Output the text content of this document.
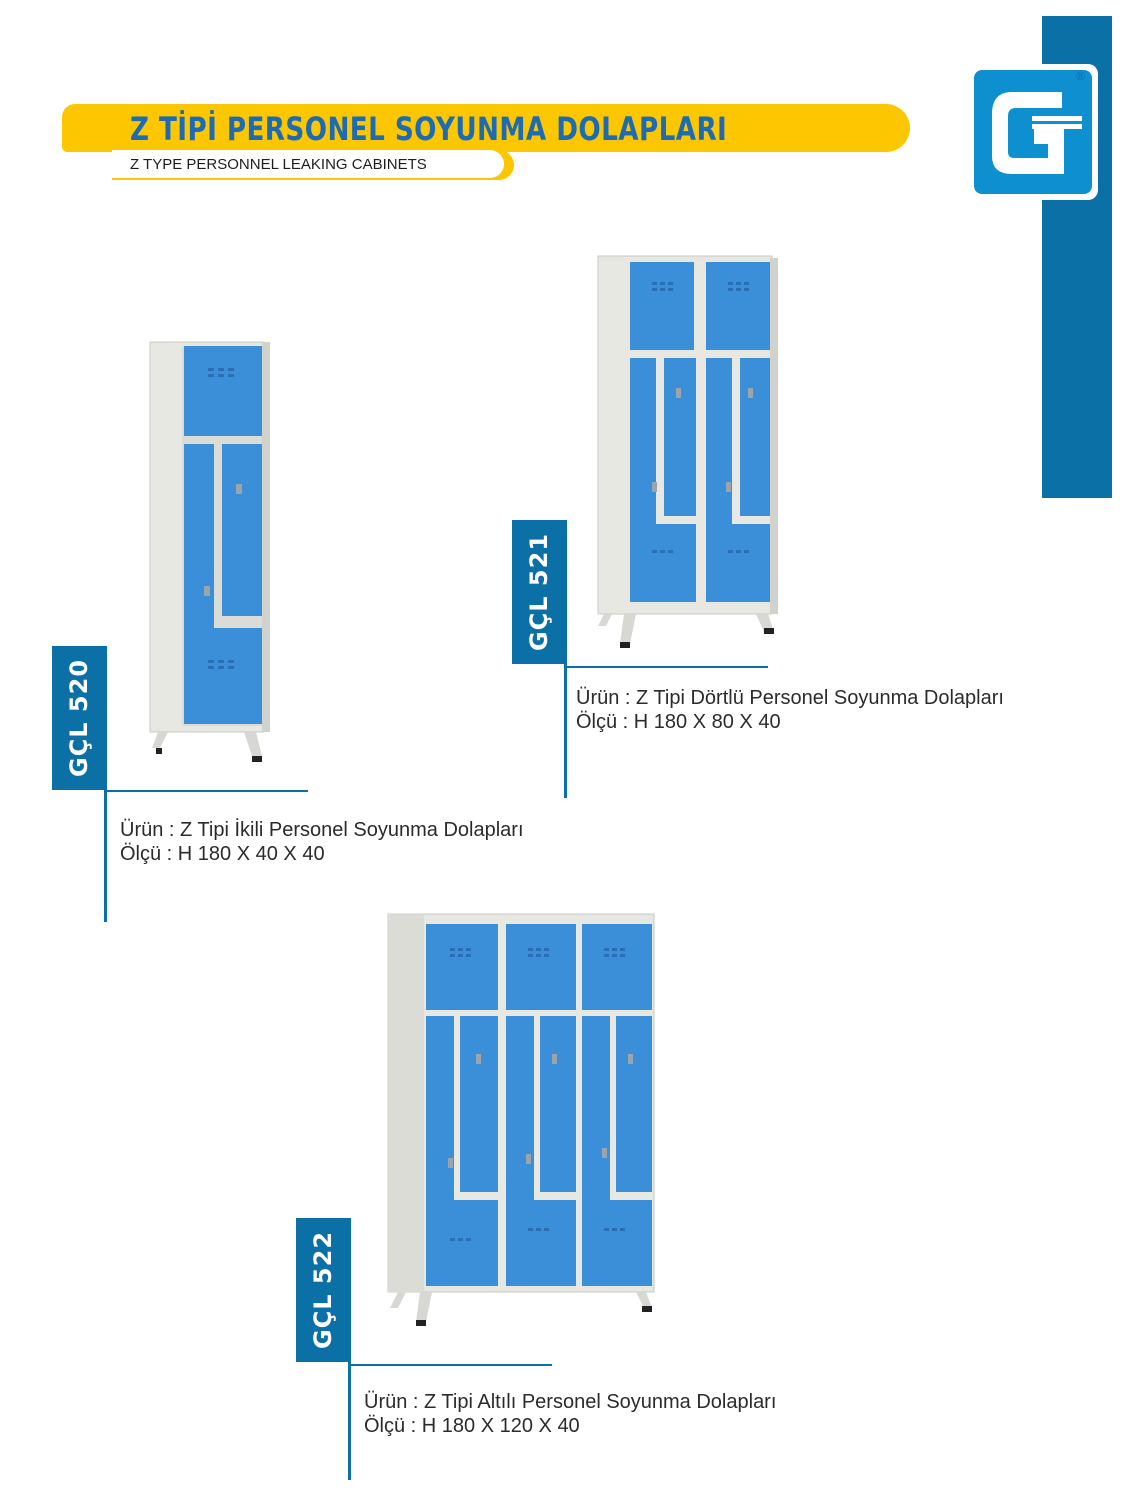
®
Z TİPİ PERSONEL SOYUNMA DOLAPLARI
Z TYPE PERSONNEL LEAKING CABINETS
GÇL 520
Ürün : Z Tipi İkili Personel Soyunma Dolapları
Ölçü : H 180 X 40 X 40
GÇL 521
Ürün : Z Tipi Dörtlü Personel Soyunma Dolapları
Ölçü : H 180 X 80 X 40
GÇL 522
Ürün : Z Tipi Altılı Personel Soyunma Dolapları
Ölçü : H 180 X 120 X 40
